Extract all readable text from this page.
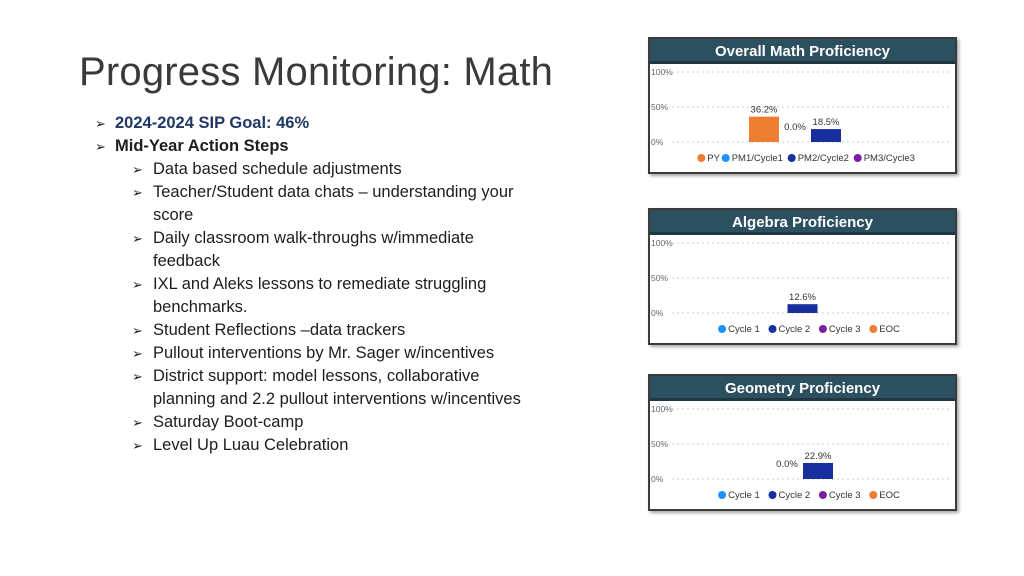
Progress Monitoring: Math
➢ 2024-2024 SIP Goal: 46%
➢ Mid-Year Action Steps
➢ Data based schedule adjustments
➢ Teacher/Student data chats – understanding your score
➢ Daily classroom walk-throughs w/immediate feedback
➢ IXL and Aleks lessons to remediate struggling benchmarks.
➢ Student Reflections –data trackers
➢ Pullout interventions by Mr. Sager w/incentives
➢ District support: model lessons, collaborative planning and 2.2 pullout interventions w/incentives
➢ Saturday Boot-camp
➢ Level Up Luau Celebration
Overall Math Proficiency
100%
50%
0%
36.2%
0.0% 18.5%
PY PM1/Cycle1 PM2/Cycle2 PM3/Cycle3
Algebra Proficiency
100%
50%
0%
12.6%
Cycle 1 Cycle 2 Cycle 3 EOC
Geometry Proficiency
100%
50%
0%
0.0%
22.9%
Cycle 1 Cycle 2 Cycle 3 EOC
